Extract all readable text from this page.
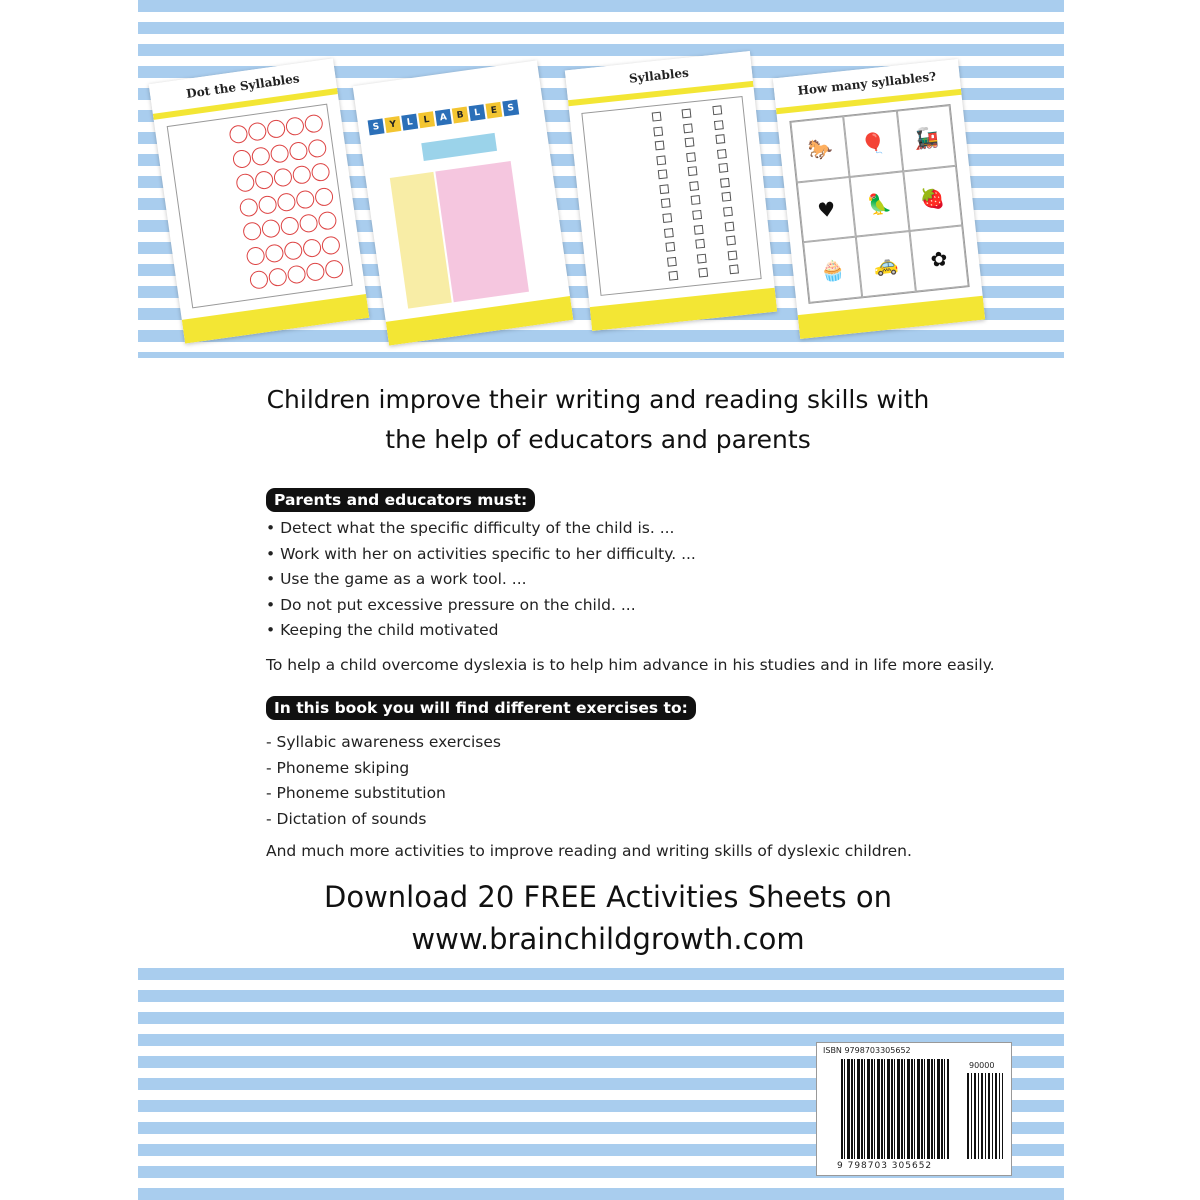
Dot the Syllables
S	Y	L	L	A B	L	E	S
Syllables	How many syllables?
🐎	🎈	🚂
♥	🦜	🍓
🧁	🚕	✿
Children improve their writing and reading skills with the help of educators and parents
Parents and educators must:
• Detect what the specific difficulty of the child is. ...
• Work with her on activities specific to her difficulty. ...
• Use the game as a work tool. ...
• Do not put excessive pressure on the child. ...
• Keeping the child motivated
To help a child overcome dyslexia is to help him advance in his studies and in life more easily.
In this book you will find different exercises to:
- Syllabic awareness exercises
- Phoneme skiping
- Phoneme substitution
- Dictation of sounds
And much more activities to improve reading and writing skills of dyslexic children.
Download 20 FREE Activities Sheets on
www.brainchildgrowth.com
ISBN 9798703305652
90000
9 798703 305652
